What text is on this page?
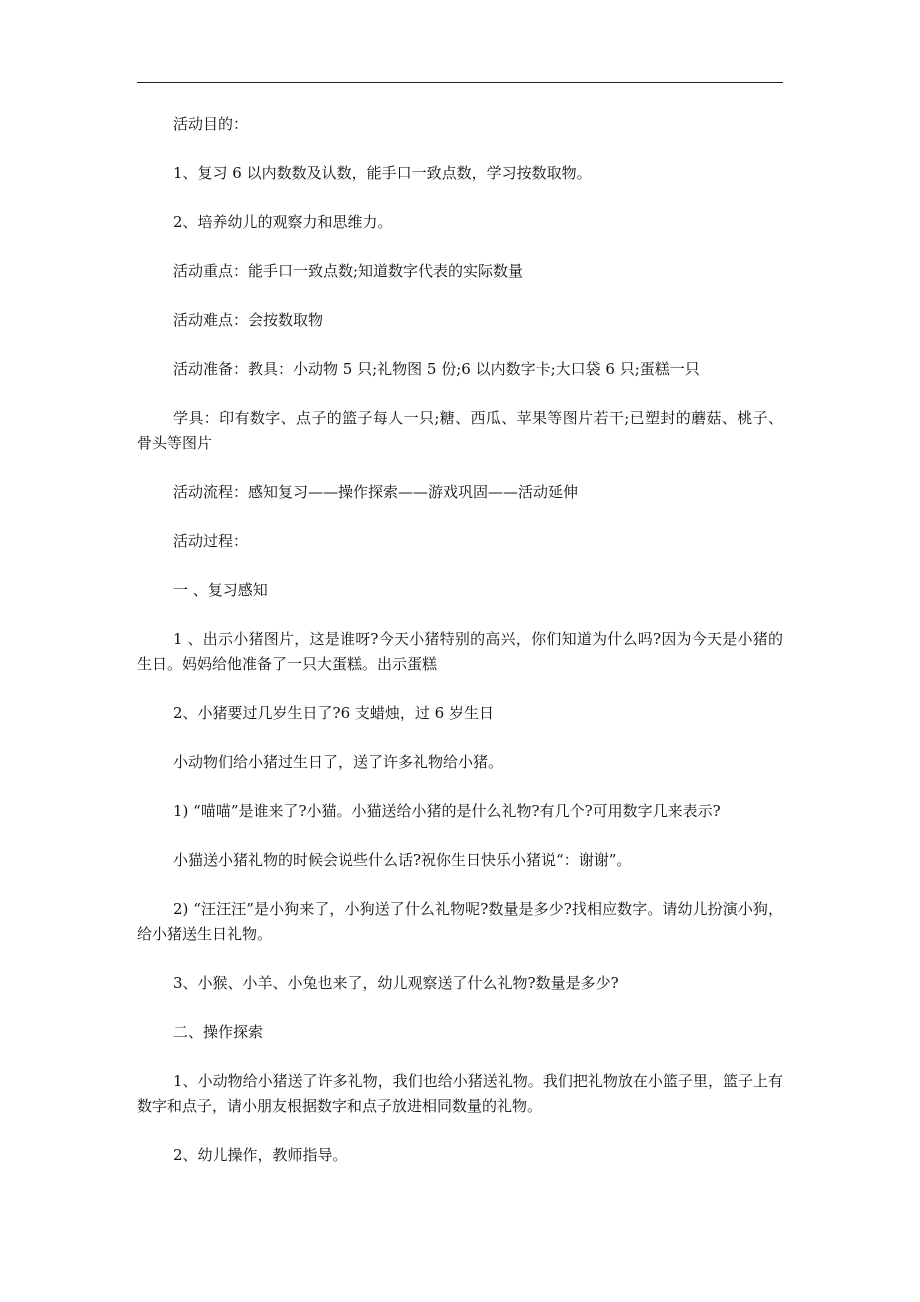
活动目的：

1、复习 6 以内数数及认数，能手口一致点数，学习按数取物。

2、培养幼儿的观察力和思维力。

活动重点：能手口一致点数;知道数字代表的实际数量

活动难点：会按数取物

活动准备：教具：小动物 5 只;礼物图 5 份;6 以内数字卡;大口袋 6 只;蛋糕一只

学具：印有数字、点子的篮子每人一只;糖、西瓜、苹果等图片若干;已塑封的蘑菇、桃子、骨头等图片

活动流程：感知复习——操作探索——游戏巩固——活动延伸

活动过程：

一 、复习感知

1 、出示小猪图片，这是谁呀?今天小猪特别的高兴，你们知道为什么吗?因为今天是小猪的生日。妈妈给他准备了一只大蛋糕。出示蛋糕

2、小猪要过几岁生日了?6 支蜡烛，过 6 岁生日

小动物们给小猪过生日了，送了许多礼物给小猪。

1) “喵喵”是谁来了?小猫。小猫送给小猪的是什么礼物?有几个?可用数字几来表示?

小猫送小猪礼物的时候会说些什么话?祝你生日快乐小猪说“：谢谢”。

2) “汪汪汪”是小狗来了，小狗送了什么礼物呢?数量是多少?找相应数字。请幼儿扮演小狗，给小猪送生日礼物。

3、小猴、小羊、小兔也来了，幼儿观察送了什么礼物?数量是多少?

二、操作探索

1、小动物给小猪送了许多礼物，我们也给小猪送礼物。我们把礼物放在小篮子里，篮子上有数字和点子，请小朋友根据数字和点子放进相同数量的礼物。

2、幼儿操作，教师指导。
